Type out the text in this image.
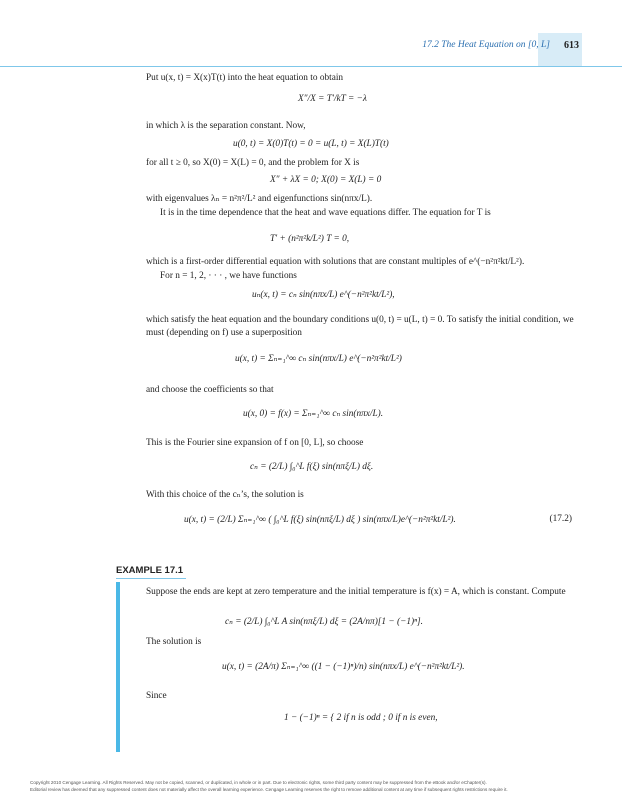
17.2 The Heat Equation on [0, L] 613
Put u(x, t) = X(x)T(t) into the heat equation to obtain
X″/X = T′/kT = −λ
in which λ is the separation constant. Now,
u(0, t) = X(0)T(t) = 0 = u(L, t) = X(L)T(t)
for all t ≥ 0, so X(0) = X(L) = 0, and the problem for X is
X″ + λX = 0; X(0) = X(L) = 0
with eigenvalues λₙ = n²π²/L² and eigenfunctions sin(nπx/L).
It is in the time dependence that the heat and wave equations differ. The equation for T is
T′ + (n²π²k/L²) T = 0,
which is a first-order differential equation with solutions that are constant multiples of e^(−n²π²kt/L²).
For n = 1, 2, · · · , we have functions
uₙ(x, t) = cₙ sin(nπx/L) e^(−n²π²kt/L²),
which satisfy the heat equation and the boundary conditions u(0, t) = u(L, t) = 0. To satisfy the initial condition, we must (depending on f) use a superposition
u(x, t) = Σₙ₌₁^∞ cₙ sin(nπx/L) e^(−n²π²kt/L²)
and choose the coefficients so that
u(x, 0) = f(x) = Σₙ₌₁^∞ cₙ sin(nπx/L).
This is the Fourier sine expansion of f on [0, L], so choose
cₙ = (2/L) ∫₀^L f(ξ) sin(nπξ/L) dξ.
With this choice of the cₙ’s, the solution is
u(x, t) = (2/L) Σₙ₌₁^∞ ( ∫₀^L f(ξ) sin(nπξ/L) dξ ) sin(nπx/L)e^(−n²π²kt/L²).	(17.2)
EXAMPLE 17.1
Suppose the ends are kept at zero temperature and the initial temperature is f(x) = A, which is constant. Compute
cₙ = (2/L) ∫₀^L A sin(nπξ/L) dξ = (2A/nπ)[1 − (−1)ⁿ].
The solution is
u(x, t) = (2A/π) Σₙ₌₁^∞ ((1 − (−1)ⁿ)/n) sin(nπx/L) e^(−n²π²kt/L²).
Since
1 − (−1)ⁿ = { 2 if n is odd ; 0 if n is even,
Copyright 2010 Cengage Learning. All Rights Reserved. May not be copied, scanned, or duplicated, in whole or in part. Due to electronic rights, some third party content may be suppressed from the eBook and/or eChapter(s).
Editorial review has deemed that any suppressed content does not materially affect the overall learning experience. Cengage Learning reserves the right to remove additional content at any time if subsequent rights restrictions require it.
